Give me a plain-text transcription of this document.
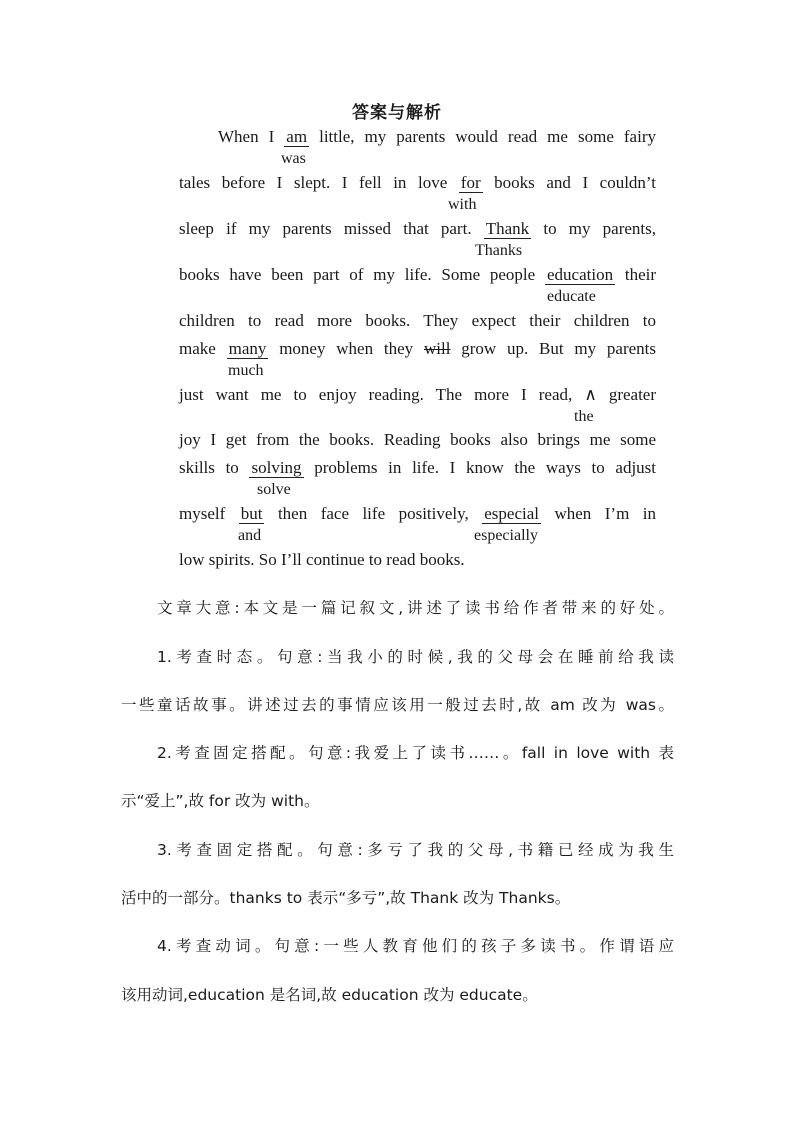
答案与解析
When I am little, my parents would read me some fairy
was
tales before I slept. I fell in love for books and I couldn’t
with
sleep if my parents missed that part. Thank to my parents,
Thanks
books have been part of my life. Some people education their
educate
children to read more books. They expect their children to
make many money when they will grow up. But my parents
much
just want me to enjoy reading. The more I read, ∧ greater
the
joy I get from the books. Reading books also brings me some
skills to solving problems in life. I know the ways to adjust
solve
myself but then face life positively, especial when I’m in
and	especially
low spirits. So I’ll continue to read books.
文章大意:本文是一篇记叙文,讲述了读书给作者带来的好处。
1.考查时态。句意:当我小的时候,我的父母会在睡前给我读
一些童话故事。讲述过去的事情应该用一般过去时,故 am 改为 was。
2.考查固定搭配。句意:我爱上了读书……。fall in love with 表
示“爱上”,故 for 改为 with。
3.考查固定搭配。句意:多亏了我的父母,书籍已经成为我生
活中的一部分。thanks to 表示“多亏”,故 Thank 改为 Thanks。
4.考查动词。句意:一些人教育他们的孩子多读书。作谓语应
该用动词,education 是名词,故 education 改为 educate。
